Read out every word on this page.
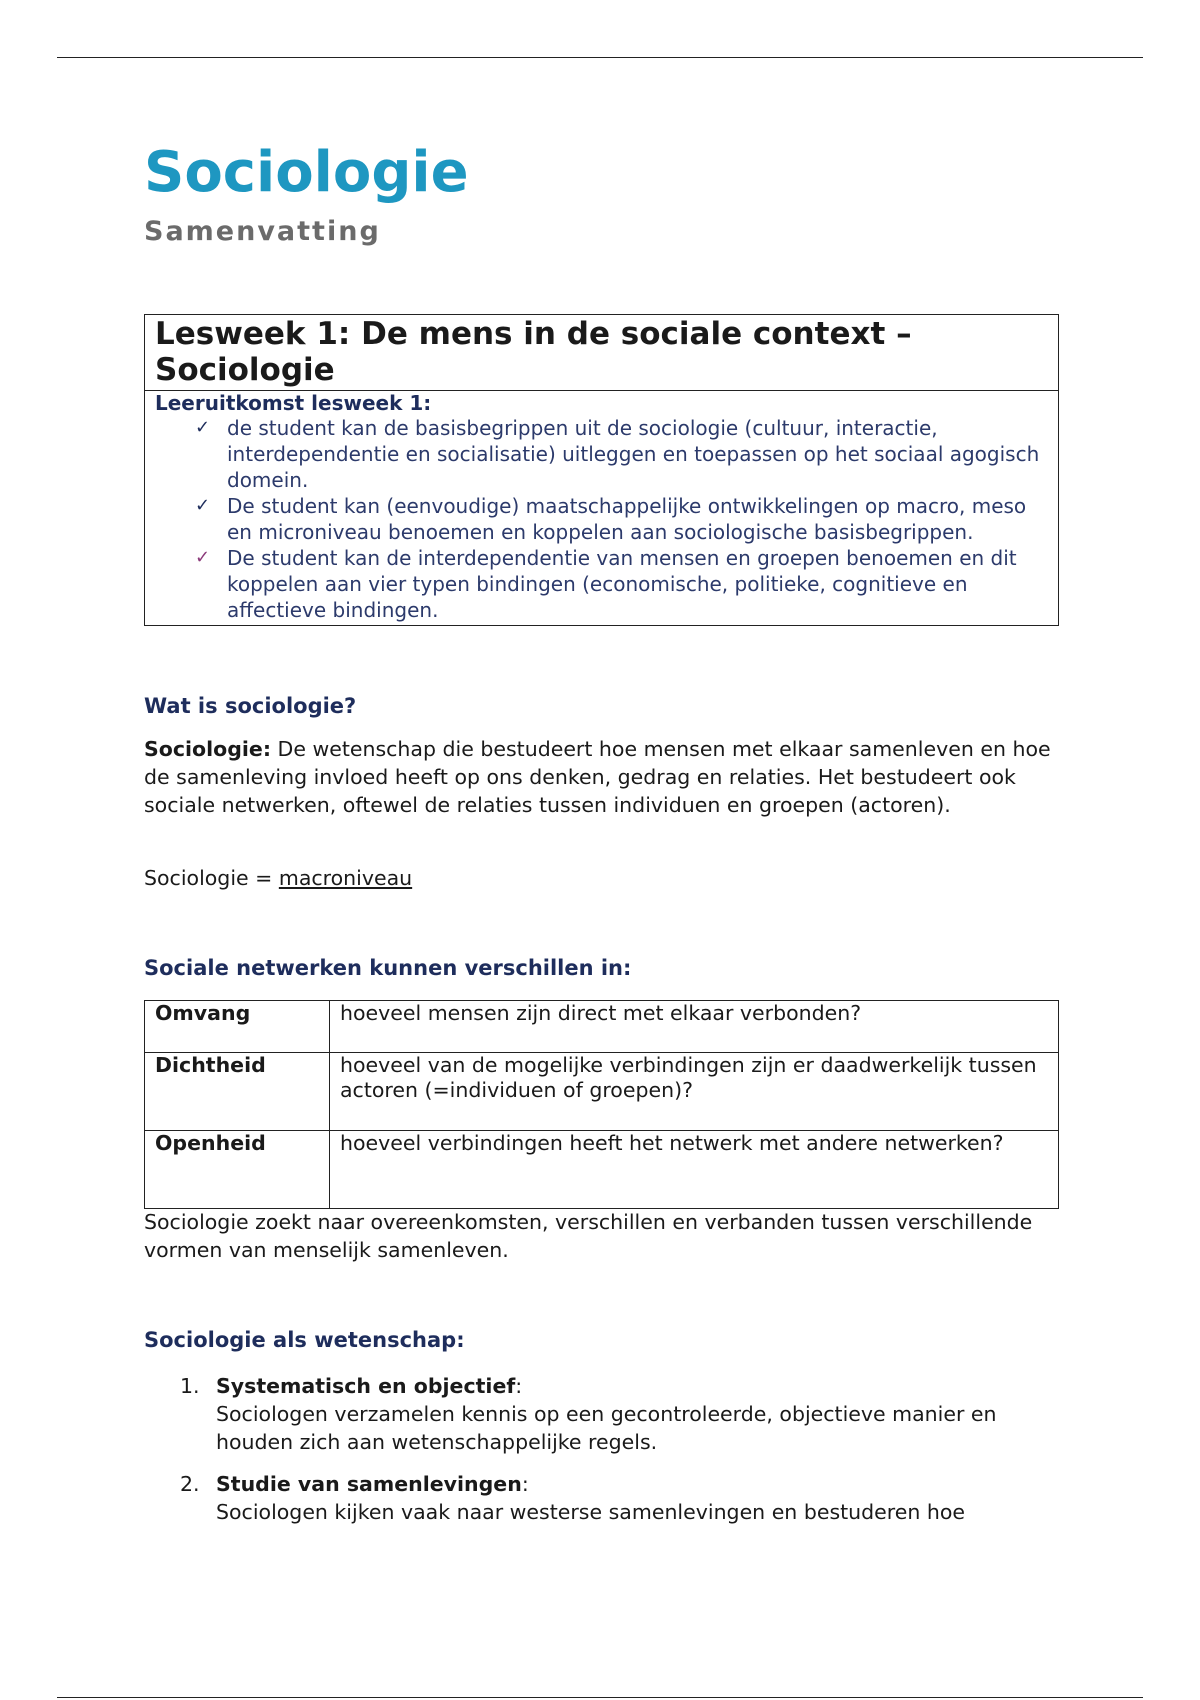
Sociologie
Samenvatting
Lesweek 1: De mens in de sociale context – Sociologie
Leeruitkomst lesweek 1:
✓ de student kan de basisbegrippen uit de sociologie (cultuur, interactie, interdependentie en socialisatie) uitleggen en toepassen op het sociaal agogisch domein.
✓ De student kan (eenvoudige) maatschappelijke ontwikkelingen op macro, meso en microniveau benoemen en koppelen aan sociologische basisbegrippen.
✓ De student kan de interdependentie van mensen en groepen benoemen en dit koppelen aan vier typen bindingen (economische, politieke, cognitieve en affectieve bindingen.
Wat is sociologie?

Sociologie: De wetenschap die bestudeert hoe mensen met elkaar samenleven en hoe de samenleving invloed heeft op ons denken, gedrag en relaties. Het bestudeert ook sociale netwerken, oftewel de relaties tussen individuen en groepen (actoren).

Sociologie = macroniveau

Sociale netwerken kunnen verschillen in:
Omvang	hoeveel mensen zijn direct met elkaar verbonden?
Dichtheid	hoeveel van de mogelijke verbindingen zijn er daadwerkelijk tussen actoren (=individuen of groepen)?
Openheid	hoeveel verbindingen heeft het netwerk met andere netwerken?

Sociologie zoekt naar overeenkomsten, verschillen en verbanden tussen verschillende vormen van menselijk samenleven.

Sociologie als wetenschap:
1. Systematisch en objectief:
Sociologen verzamelen kennis op een gecontroleerde, objectieve manier en houden zich aan wetenschappelijke regels.
2. Studie van samenlevingen:
Sociologen kijken vaak naar westerse samenlevingen en bestuderen hoe
